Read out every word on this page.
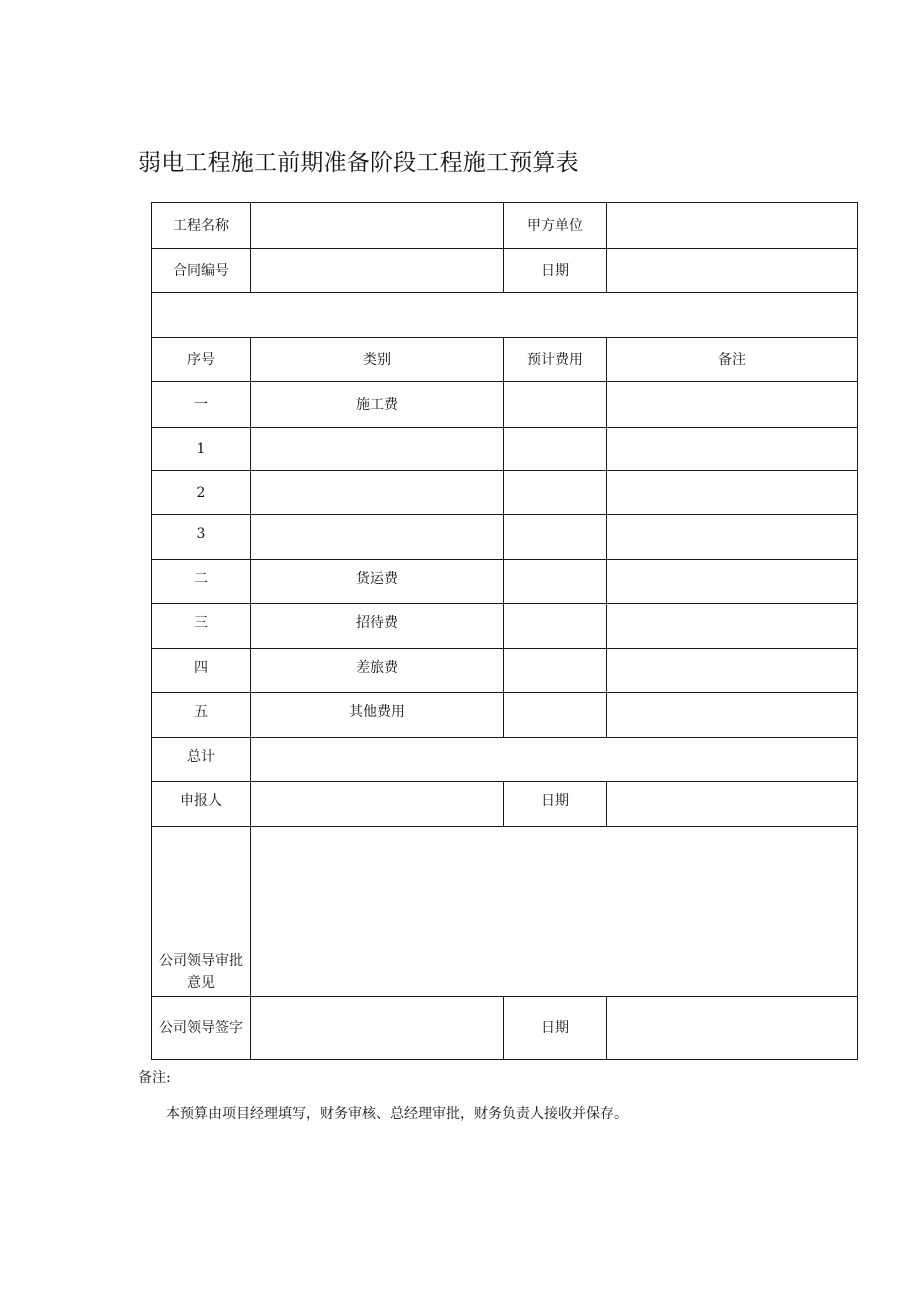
弱电工程施工前期准备阶段工程施工预算表
工程名称		甲方单位	
合同编号		日期	

序号	类别	预计费用	备注
一	施工费		
1			
2			
3			
二	货运费		
三	招待费		
四	差旅费		
五	其他费用		
总计			
申报人		日期	

公司领导审批
意见			

公司领导签字		日期	
备注:
本预算由项目经理填写，财务审核、总经理审批，财务负责人接收并保存。
